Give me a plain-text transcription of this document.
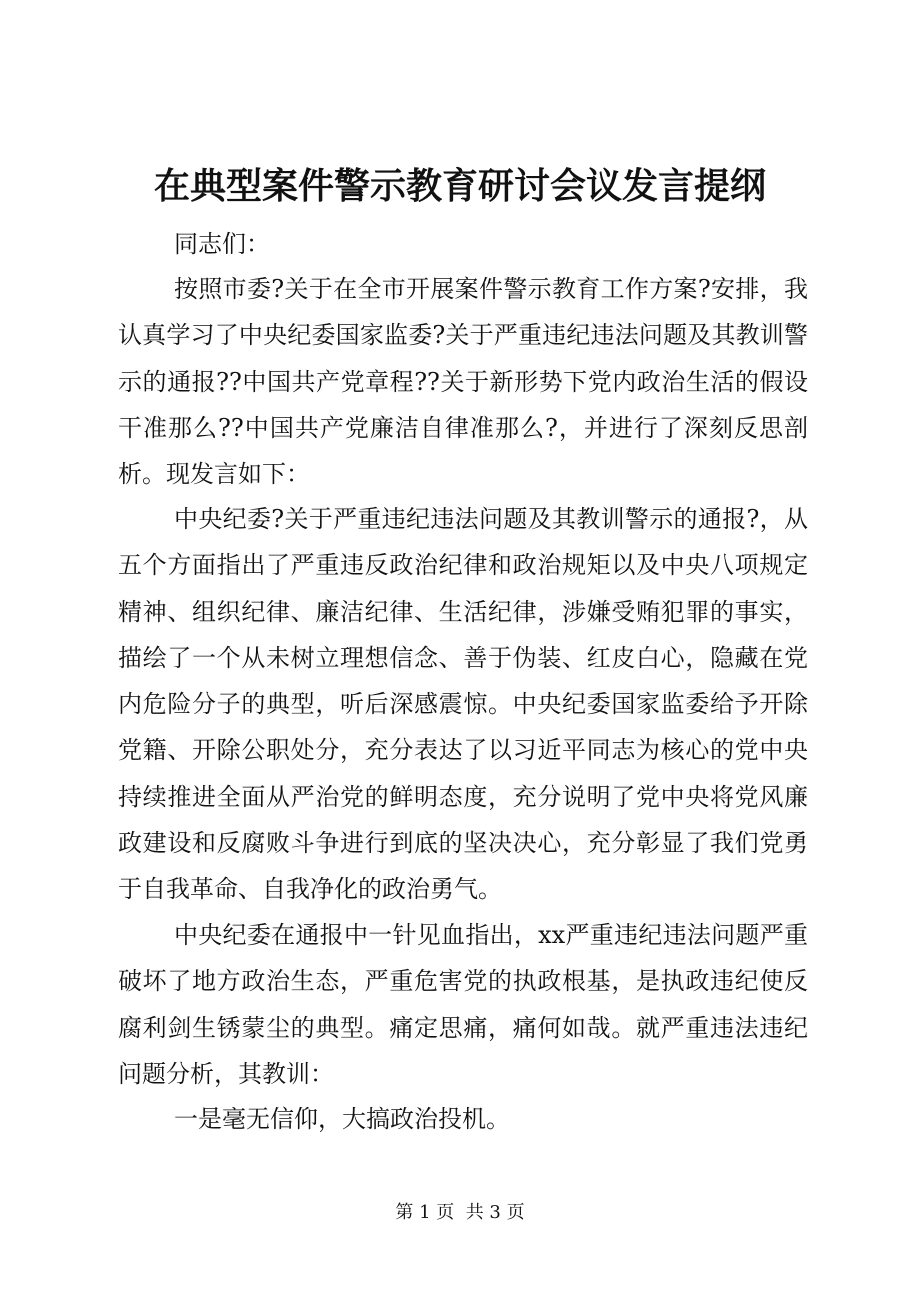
在典型案件警示教育研讨会议发言提纲

同志们：

按照市委?关于在全市开展案件警示教育工作方案?安排，我认真学习了中央纪委国家监委?关于严重违纪违法问题及其教训警示的通报??中国共产党章程??关于新形势下党内政治生活的假设干准那么??中国共产党廉洁自律准那么?，并进行了深刻反思剖析。现发言如下：

中央纪委?关于严重违纪违法问题及其教训警示的通报?，从五个方面指出了严重违反政治纪律和政治规矩以及中央八项规定精神、组织纪律、廉洁纪律、生活纪律，涉嫌受贿犯罪的事实，描绘了一个从未树立理想信念、善于伪装、红皮白心，隐藏在党内危险分子的典型，听后深感震惊。中央纪委国家监委给予开除党籍、开除公职处分，充分表达了以习近平同志为核心的党中央持续推进全面从严治党的鲜明态度，充分说明了党中央将党风廉政建设和反腐败斗争进行到底的坚决决心，充分彰显了我们党勇于自我革命、自我净化的政治勇气。

中央纪委在通报中一针见血指出，xx严重违纪违法问题严重破坏了地方政治生态，严重危害党的执政根基，是执政违纪使反腐利剑生锈蒙尘的典型。痛定思痛，痛何如哉。就严重违法违纪问题分析，其教训：

一是毫无信仰，大搞政治投机。

第 1 页  共 3 页
